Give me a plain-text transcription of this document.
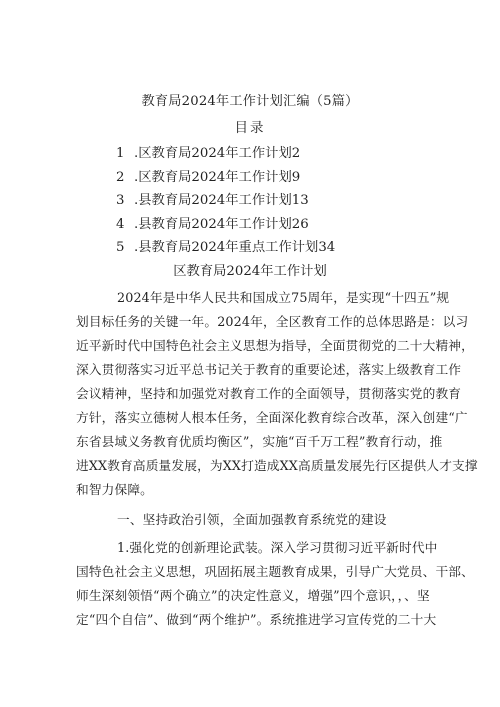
教育局2024年工作计划汇编（5篇）
目录
1 .区教育局2024年工作计划2
2 .区教育局2024年工作计划9
3 .县教育局2024年工作计划13
4 .县教育局2024年工作计划26
5 .县教育局2024年重点工作计划34
区教育局2024年工作计划
2024年是中华人民共和国成立75周年，是实现“十四五”规
划目标任务的关键一年。2024年，全区教育工作的总体思路是：以习
近平新时代中国特色社会主义思想为指导，全面贯彻党的二十大精神，
深入贯彻落实习近平总书记关于教育的重要论述，落实上级教育工作
会议精神，坚持和加强党对教育工作的全面领导，贯彻落实党的教育
方针，落实立德树人根本任务，全面深化教育综合改革，深入创建“广
东省县域义务教育优质均衡区”，实施“百千万工程”教育行动，推
进XX教育高质量发展，为XX打造成XX高质量发展先行区提供人才支撑
和智力保障。
一、坚持政治引领，全面加强教育系统党的建设
1.强化党的创新理论武装。深入学习贯彻习近平新时代中
国特色社会主义思想，巩固拓展主题教育成果，引导广大党员、干部、
师生深刻领悟“两个确立”的决定性意义，增强”四个意识，，、坚
定“四个自信”、做到“两个维护”。系统推进学习宣传党的二十大
